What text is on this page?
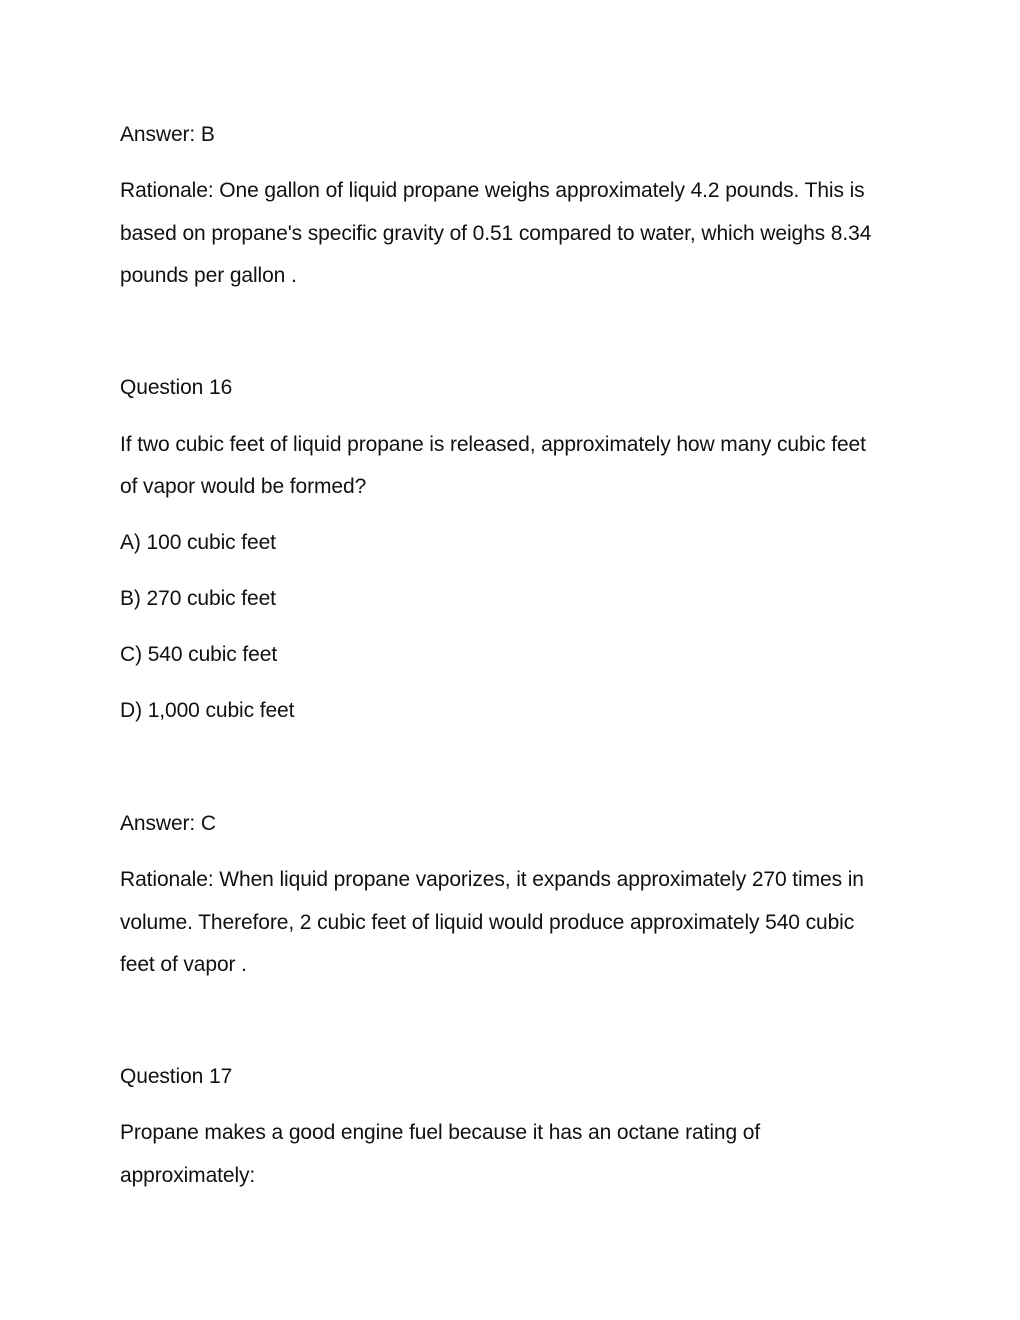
Answer: B
Rationale: One gallon of liquid propane weighs approximately 4.2 pounds. This is
based on propane's specific gravity of 0.51 compared to water, which weighs 8.34
pounds per gallon .
Question 16
If two cubic feet of liquid propane is released, approximately how many cubic feet
of vapor would be formed?
A) 100 cubic feet
B) 270 cubic feet
C) 540 cubic feet
D) 1,000 cubic feet
Answer: C
Rationale: When liquid propane vaporizes, it expands approximately 270 times in
volume. Therefore, 2 cubic feet of liquid would produce approximately 540 cubic
feet of vapor .
Question 17
Propane makes a good engine fuel because it has an octane rating of
approximately:
